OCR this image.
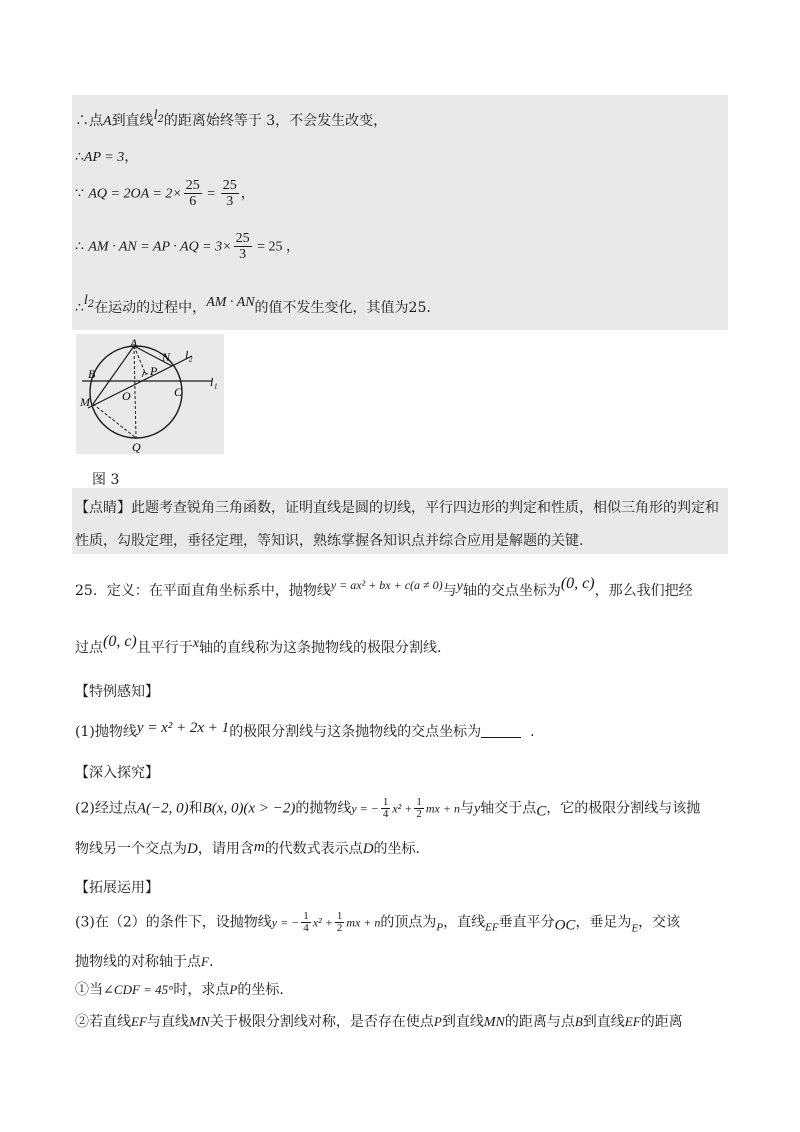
∴点A到直线$l^2$的距离始终等于 3，不会发生改变，
∴AP = 3，
∵ AQ = $2OA = 2\times \frac{25}{6} = \frac{25}{3}$ ，
∴ AM · AN = AP · AQ = $3\times \frac{25}{3} = 25$ ，
$\therefore l^2$在运动的过程中，AM · AN的值不发生变化，其值为25.
A
N l₂
B	P
l₁
C
M	O
Q
图 3
【点睛】此题考查锐角三角函数，证明直线是圆的切线，平行四边形的判定和性质，相似三角形的判定和
性质，勾股定理，垂径定理，等知识，熟练掌握各知识点并综合应用是解题的关键.
25．定义：在平面直角坐标系中，抛物线y = ax² + bx + c(a ≠ 0)与y轴的交点坐标为(0, c)，那么我们把经
过点(0, c)且平行于x轴的直线称为这条抛物线的极限分割线.
【特例感知】
(1)抛物线y = x² + 2x + 1的极限分割线与这条抛物线的交点坐标为	.
【深入探究】
(2)经过点A(−2, 0)和B(x, 0)(x > −2)的抛物线y = − $\frac{1}{4} x^2 + \frac{1}{2}$ mx + n与y轴交于点C，它的极限分割线与该抛
物线另一个交点为D，请用含m的代数式表示点D的坐标.
【拓展运用】
(3)在（2）的条件下，设抛物线y = − $\frac{1}{4} x^2 + \frac{1}{2}$ mx + n的顶点为$_P$，直线$_{EF}$垂直平分OC，垂足为$_E$，交该
抛物线的对称轴于点F.
①当∠CDF = 45°时，求点P的坐标.
②若直线EF与直线MN关于极限分割线对称，是否存在使点P到直线MN的距离与点B到直线EF的距离
